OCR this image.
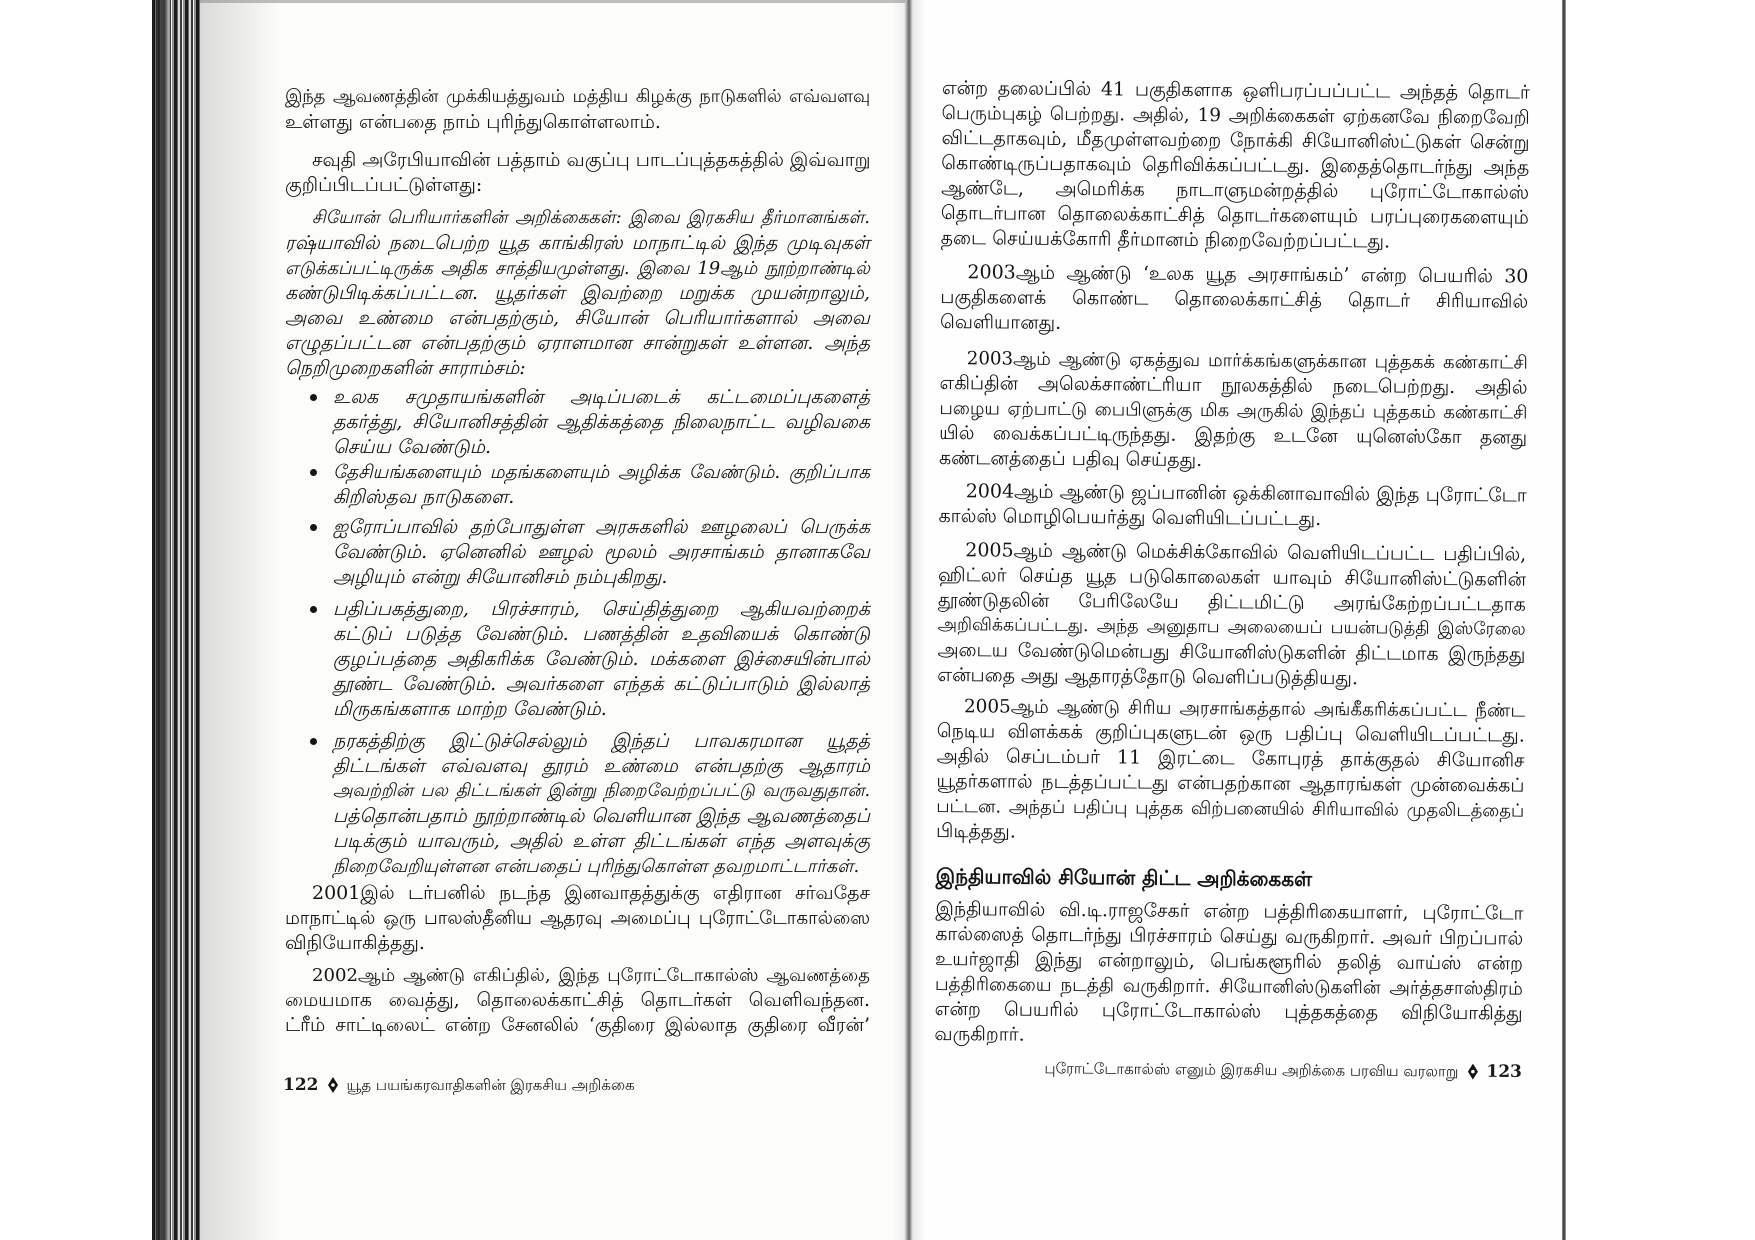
இந்த ஆவணத்தின் முக்கியத்துவம் மத்திய கிழக்கு நாடுகளில் எவ்வளவு
உள்ளது என்பதை நாம் புரிந்துகொள்ளலாம்.
சவுதி அரேபியாவின் பத்தாம் வகுப்பு பாடப்புத்தகத்தில் இவ்வாறு
குறிப்பிடப்பட்டுள்ளது:
சியோன் பெரியார்களின் அறிக்கைகள்: இவை இரகசிய தீர்மானங்கள்.
ரஷ்யாவில் நடைபெற்ற யூத காங்கிரஸ் மாநாட்டில் இந்த முடிவுகள்
எடுக்கப்பட்டிருக்க அதிக சாத்தியமுள்ளது. இவை 19ஆம் நூற்றாண்டில்
கண்டுபிடிக்கப்பட்டன. யூதர்கள் இவற்றை மறுக்க முயன்றாலும்,
அவை உண்மை என்பதற்கும், சியோன் பெரியார்களால் அவை
எழுதப்பட்டன என்பதற்கும் ஏராளமான சான்றுகள் உள்ளன. அந்த
நெறிமுறைகளின் சாராம்சம்:
உலக சமுதாயங்களின் அடிப்படைக் கட்டமைப்புகளைத்
தகர்த்து, சியோனிசத்தின் ஆதிக்கத்தை நிலைநாட்ட வழிவகை
செய்ய வேண்டும்.
தேசியங்களையும் மதங்களையும் அழிக்க வேண்டும். குறிப்பாக
கிறிஸ்தவ நாடுகளை.
ஐரோப்பாவில் தற்போதுள்ள அரசுகளில் ஊழலைப் பெருக்க
வேண்டும். ஏனெனில் ஊழல் மூலம் அரசாங்கம் தானாகவே
அழியும் என்று சியோனிசம் நம்புகிறது.
பதிப்பகத்துறை, பிரச்சாரம், செய்தித்துறை ஆகியவற்றைக்
கட்டுப் படுத்த வேண்டும். பணத்தின் உதவியைக் கொண்டு
குழப்பத்தை அதிகரிக்க வேண்டும். மக்களை இச்சையின்பால்
தூண்ட வேண்டும். அவர்களை எந்தக் கட்டுப்பாடும் இல்லாத்
மிருகங்களாக மாற்ற வேண்டும்.
நரகத்திற்கு இட்டுச்செல்லும் இந்தப் பாவகரமான யூதத்
திட்டங்கள் எவ்வளவு தூரம் உண்மை என்பதற்கு ஆதாரம்
அவற்றின் பல திட்டங்கள் இன்று நிறைவேற்றப்பட்டு வருவதுதான்.
பத்தொன்பதாம் நூற்றாண்டில் வெளியான இந்த ஆவணத்தைப்
படிக்கும் யாவரும், அதில் உள்ள திட்டங்கள் எந்த அளவுக்கு
நிறைவேறியுள்ளன என்பதைப் புரிந்துகொள்ள தவறமாட்டார்கள்.
2001இல் டர்பனில் நடந்த இனவாதத்துக்கு எதிரான சர்வதேச
மாநாட்டில் ஒரு பாலஸ்தீனிய ஆதரவு அமைப்பு புரோட்டோகால்ஸை
விநியோகித்தது.
2002ஆம் ஆண்டு எகிப்தில், இந்த புரோட்டோகால்ஸ் ஆவணத்தை
மையமாக வைத்து, தொலைக்காட்சித் தொடர்கள் வெளிவந்தன.
ட்ரீம் சாட்டிலைட் என்ற சேனலில் ‘குதிரை இல்லாத குதிரை வீரன்’
122 யூத பயங்கரவாதிகளின் இரகசிய அறிக்கை
என்ற தலைப்பில் 41 பகுதிகளாக ஒளிபரப்பப்பட்ட அந்தத் தொடர்
பெரும்புகழ் பெற்றது. அதில், 19 அறிக்கைகள் ஏற்கனவே நிறைவேறி
விட்டதாகவும், மீதமுள்ளவற்றை நோக்கி சியோனிஸ்ட்டுகள் சென்று
கொண்டிருப்பதாகவும் தெரிவிக்கப்பட்டது. இதைத்தொடர்ந்து அந்த
ஆண்டே, அமெரிக்க நாடாளுமன்றத்தில் புரோட்டோகால்ஸ்
தொடர்பான தொலைக்காட்சித் தொடர்களையும் பரப்புரைகளையும்
தடை செய்யக்கோரி தீர்மானம் நிறைவேற்றப்பட்டது.
2003ஆம் ஆண்டு ‘உலக யூத அரசாங்கம்’ என்ற பெயரில் 30
பகுதிகளைக் கொண்ட தொலைக்காட்சித் தொடர் சிரியாவில்
வெளியானது.
2003ஆம் ஆண்டு ஏகத்துவ மார்க்கங்களுக்கான புத்தகக் கண்காட்சி
எகிப்தின் அலெக்சாண்ட்ரியா நூலகத்தில் நடைபெற்றது. அதில்
பழைய ஏற்பாட்டு பைபிளுக்கு மிக அருகில் இந்தப் புத்தகம் கண்காட்சி
யில் வைக்கப்பட்டிருந்தது. இதற்கு உடனே யுனெஸ்கோ தனது
கண்டனத்தைப் பதிவு செய்தது.
2004ஆம் ஆண்டு ஜப்பானின் ஒக்கினாவாவில் இந்த புரோட்டோ
கால்ஸ் மொழிபெயர்த்து வெளியிடப்பட்டது.
2005ஆம் ஆண்டு மெக்சிக்கோவில் வெளியிடப்பட்ட பதிப்பில்,
ஹிட்லர் செய்த யூத படுகொலைகள் யாவும் சியோனிஸ்ட்டுகளின்
தூண்டுதலின் பேரிலேயே திட்டமிட்டு அரங்கேற்றப்பட்டதாக
அறிவிக்கப்பட்டது. அந்த அனுதாப அலையைப் பயன்படுத்தி இஸ்ரேலை
அடைய வேண்டுமென்பது சியோனிஸ்டுகளின் திட்டமாக இருந்தது
என்பதை அது ஆதாரத்தோடு வெளிப்படுத்தியது.
2005ஆம் ஆண்டு சிரிய அரசாங்கத்தால் அங்கீகரிக்கப்பட்ட நீண்ட
நெடிய விளக்கக் குறிப்புகளுடன் ஒரு பதிப்பு வெளியிடப்பட்டது.
அதில் செப்டம்பர் 11 இரட்டை கோபுரத் தாக்குதல் சியோனிச
யூதர்களால் நடத்தப்பட்டது என்பதற்கான ஆதாரங்கள் முன்வைக்கப்
பட்டன. அந்தப் பதிப்பு புத்தக விற்பனையில் சிரியாவில் முதலிடத்தைப்
பிடித்தது.
இந்தியாவில் சியோன் திட்ட அறிக்கைகள்
இந்தியாவில் வி.டி.ராஜசேகர் என்ற பத்திரிகையாளர், புரோட்டோ
கால்ஸைத் தொடர்ந்து பிரச்சாரம் செய்து வருகிறார். அவர் பிறப்பால்
உயர்ஜாதி இந்து என்றாலும், பெங்களூரில் தலித் வாய்ஸ் என்ற
பத்திரிகையை நடத்தி வருகிறார். சியோனிஸ்டுகளின் அர்த்தசாஸ்திரம்
என்ற பெயரில் புரோட்டோகால்ஸ் புத்தகத்தை விநியோகித்து
வருகிறார்.
புரோட்டோகால்ஸ் எனும் இரகசிய அறிக்கை பரவிய வரலாறு 123
